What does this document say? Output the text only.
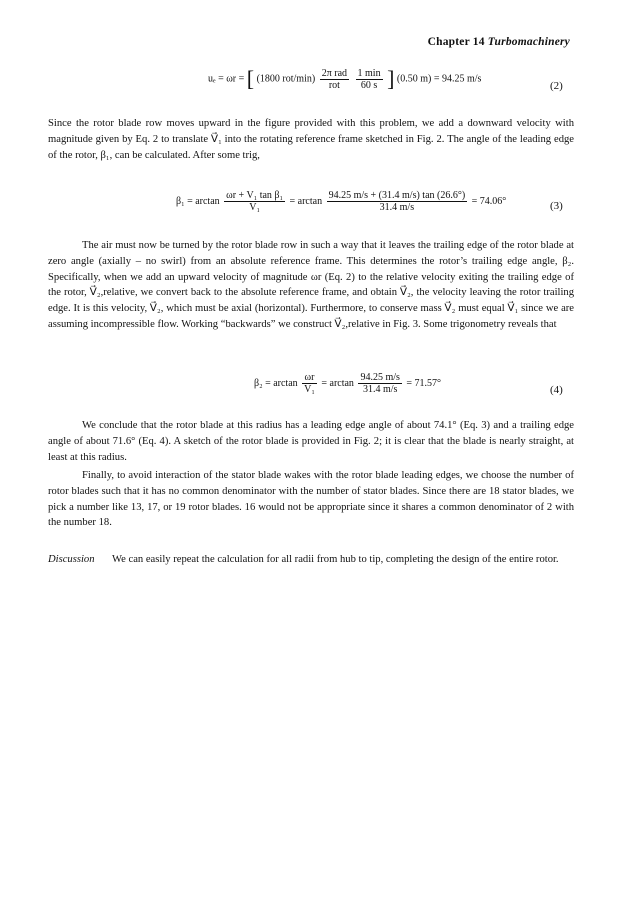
Chapter 14 Turbomachinery
uₑ = ωr = [ (1800 $rot/\min) \frac{\text{2π rad}}{\text{rot}}$
$\frac{1 \min}{60 s}$ ] (0.50 m) = 94.25 m/s
(2)
Since the rotor blade row moves upward in the figure provided with this problem, we add a downward velocity with magnitude given by Eq. 2 to translate V⃗₁ into the rotating reference frame sketched in Fig. 2. The angle of the leading edge of the rotor, β₁, can be calculated. After some trig,
$\beta_1 = \arctan \frac{\text{ωr + V₁ tan β₁}}{\text{V₁}} = \arctan \frac{94.25 m/s + (31.4 m/s) \tan (26.6^\circ)}{31.4 m/s} = 74.06^\circ$	(3)
The air must now be turned by the rotor blade row in such a way that it leaves the trailing edge of the rotor blade at zero angle (axially – no swirl) from an absolute reference frame. This determines the rotor’s trailing edge angle, β₂. Specifically, when we add an upward velocity of magnitude ωr (Eq. 2) to the relative velocity exiting the trailing edge of the rotor, V⃗₂,relative, we convert back to the absolute reference frame, and obtain V⃗₂, the velocity leaving the rotor trailing edge. It is this velocity, V⃗₂, which must be axial (horizontal). Furthermore, to conserve mass V⃗₂ must equal V⃗₁ since we are assuming incompressible flow. Working “backwards” we construct V⃗₂,relative in Fig. 3. Some trigonometry reveals that
$\beta_2 = \arctan \frac{\omega r}{\text{V₁}} = \arctan \frac{94.25 m/s}{31.4 m/s} = 71.57^\circ$
(4)
We conclude that the rotor blade at this radius has a leading edge angle of about 74.1° (Eq. 3) and a trailing edge angle of about 71.6° (Eq. 4). A sketch of the rotor blade is provided in Fig. 2; it is clear that the blade is nearly straight, at least at this radius.
Finally, to avoid interaction of the stator blade wakes with the rotor blade leading edges, we choose the number of rotor blades such that it has no common denominator with the number of stator blades. Since there are 18 stator blades, we pick a number like 13, 17, or 19 rotor blades. 16 would not be appropriate since it shares a common denominator of 2 with the number 18.
Discussion We can easily repeat the calculation for all radii from hub to tip, completing the design of the entire rotor.
